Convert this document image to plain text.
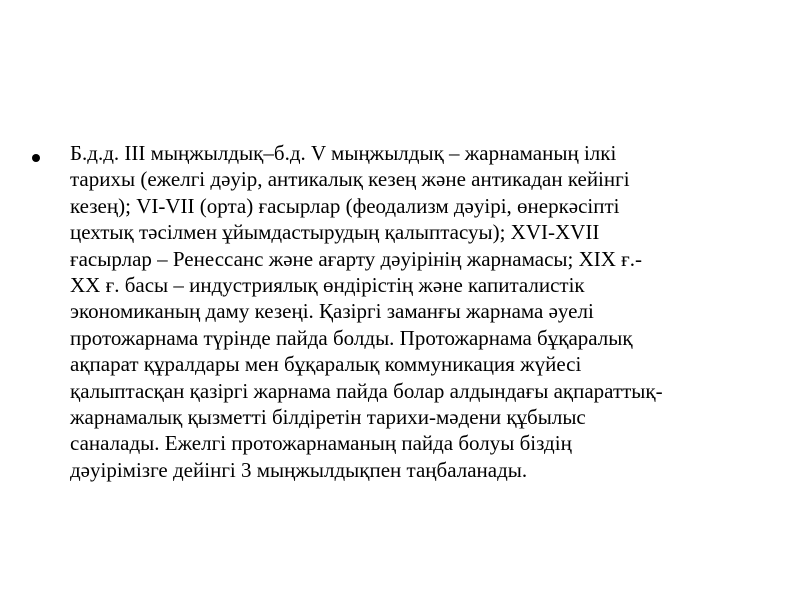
Б.д.д. III мыңжылдық–б.д. V мыңжылдық – жарнаманың ілкі
тарихы (ежелгі дәуір, антикалық кезең және антикадан кейінгі
кезең); VI-VII (орта) ғасырлар (феодализм дәуірі, өнеркәсіпті
цехтық тәсілмен ұйымдастырудың қалыптасуы); XVI-XVII
ғасырлар – Ренессанс және ағарту дәуірінің жарнамасы; XIX ғ.-
XX ғ. басы – индустриялық өндірістің және капиталистік
экономиканың даму кезеңі. Қазіргі заманғы жарнама әуелі
протожарнама түрінде пайда болды. Протожарнама бұқаралық
ақпарат құралдары мен бұқаралық коммуникация жүйесі
қалыптасқан қазіргі жарнама пайда болар алдындағы ақпараттық-
жарнамалық қызметті білдіретін тарихи-мәдени құбылыс
саналады. Ежелгі протожарнаманың пайда болуы біздің
дәуірімізге дейінгі 3 мыңжылдықпен таңбаланады.
